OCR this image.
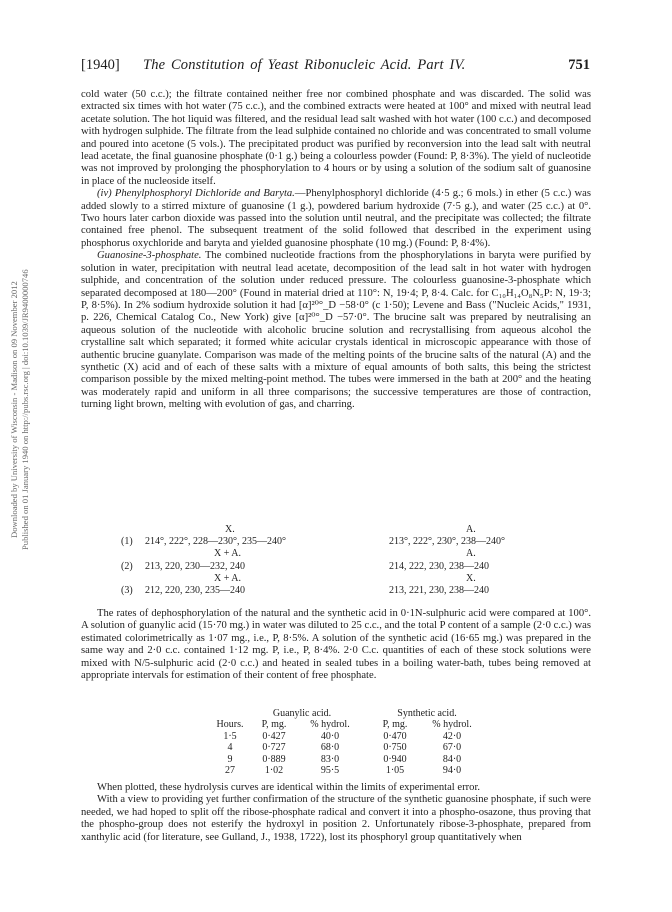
Downloaded by University of Wisconsin - Madison on 09 November 2012 Published on 01 January 1940 on http://pubs.rsc.org | doi:10.1039/JR9400000746
[1940] The Constitution of Yeast Ribonucleic Acid. Part IV.	751

cold water (50 c.c.); the filtrate contained neither free nor combined phosphate and was discarded. The solid was extracted six times with hot water (75 c.c.), and the combined extracts were heated at 100° and mixed with neutral lead acetate solution. The hot liquid was filtered, and the residual lead salt washed with hot water (100 c.c.) and decomposed with hydrogen sulphide. The filtrate from the lead sulphide contained no chloride and was concentrated to small volume and poured into acetone (5 vols.). The precipitated product was purified by reconversion into the lead salt with neutral lead acetate, the final guanosine phosphate (0·1 g.) being a colourless powder (Found: P, 8·3%). The yield of nucleotide was not improved by prolonging the phosphorylation to 4 hours or by using a solution of the sodium salt of guanosine in place of the nucleoside itself.

(iv) Phenylphosphoryl Dichloride and Baryta.—Phenylphosphoryl dichloride (4·5 g.; 6 mols.) in ether (5 c.c.) was added slowly to a stirred mixture of guanosine (1 g.), powdered barium hydroxide (7·5 g.), and water (25 c.c.) at 0°. Two hours later carbon dioxide was passed into the solution until neutral, and the precipitate was collected; the filtrate contained free phenol. The subsequent treatment of the solid followed that described in the experiment using phosphorus oxychloride and baryta and yielded guanosine phosphate (10 mg.) (Found: P, 8·4%).

Guanosine-3-phosphate. The combined nucleotide fractions from the phosphorylations in baryta were purified by solution in water, precipitation with neutral lead acetate, decomposition of the lead salt in hot water with hydrogen sulphide, and concentration of the solution under reduced pressure. The colourless guanosine-3-phosphate which separated decomposed at 180—200° (Found in material dried at 110°: N, 19·4; P, 8·4. Calc. for C₁₀H₁₄O₈N₅P: N, 19·3; P, 8·5%). In 2% sodium hydroxide solution it had [α]²⁰°_D −58·0° (c 1·50); Levene and Bass ("Nucleic Acids," 1931, p. 226, Chemical Catalog Co., New York) give [α]²⁰°_D −57·0°. The brucine salt was prepared by neutralising an aqueous solution of the nucleotide with alcoholic brucine solution and recrystallising from aqueous alcohol the crystalline salt which separated; it formed white acicular crystals identical in microscopic appearance with those of authentic brucine guanylate. Comparison was made of the melting points of the brucine salts of the natural (A) and the synthetic (X) acid and of each of these salts with a mixture of equal amounts of both salts, this being the strictest comparison possible by the mixed melting-point method. The tubes were immersed in the bath at 200° and the heating was moderately rapid and uniform in all three comparisons; the successive temperatures are those of contraction, turning light brown, melting with evolution of gas, and charring.

X.	A.
(1) 214°, 222°, 228—230°, 235—240°	213°, 222°, 230°, 238—240°
X + A.	A.
(2) 213, 220, 230—232, 240	214, 222, 230, 238—240
X + A.	X.
(3) 212, 220, 230, 235—240	213, 221, 230, 238—240

The rates of dephosphorylation of the natural and the synthetic acid in 0·1N-sulphuric acid were compared at 100°. A solution of guanylic acid (15·70 mg.) in water was diluted to 25 c.c., and the total P content of a sample (2·0 c.c.) was estimated colorimetrically as 1·07 mg., i.e., P, 8·5%. A solution of the synthetic acid (16·65 mg.) was prepared in the same way and 2·0 c.c. contained 1·12 mg. P, i.e., P, 8·4%. 2·0 C.c. quantities of each of these stock solutions were mixed with N/5-sulphuric acid (2·0 c.c.) and heated in sealed tubes in a boiling water-bath, tubes being removed at appropriate intervals for estimation of their content of free phosphate.

Guanylic acid.	Synthetic acid.
Hours.	P, mg.	% hydrol.	P, mg.	% hydrol.
1·5	0·427	40·0	0·470	42·0
4	0·727	68·0	0·750	67·0
9	0·889	83·0	0·940	84·0
27	1·02	95·5	1·05	94·0

When plotted, these hydrolysis curves are identical within the limits of experimental error.

With a view to providing yet further confirmation of the structure of the synthetic guanosine phosphate, if such were needed, we had hoped to split off the ribose-phosphate radical and convert it into a phospho-osazone, thus proving that the phospho-group does not esterify the hydroxyl in position 2. Unfortunately ribose-3-phosphate, prepared from xanthylic acid (for literature, see Gulland, J., 1938, 1722), lost its phosphoryl group quantitatively when
